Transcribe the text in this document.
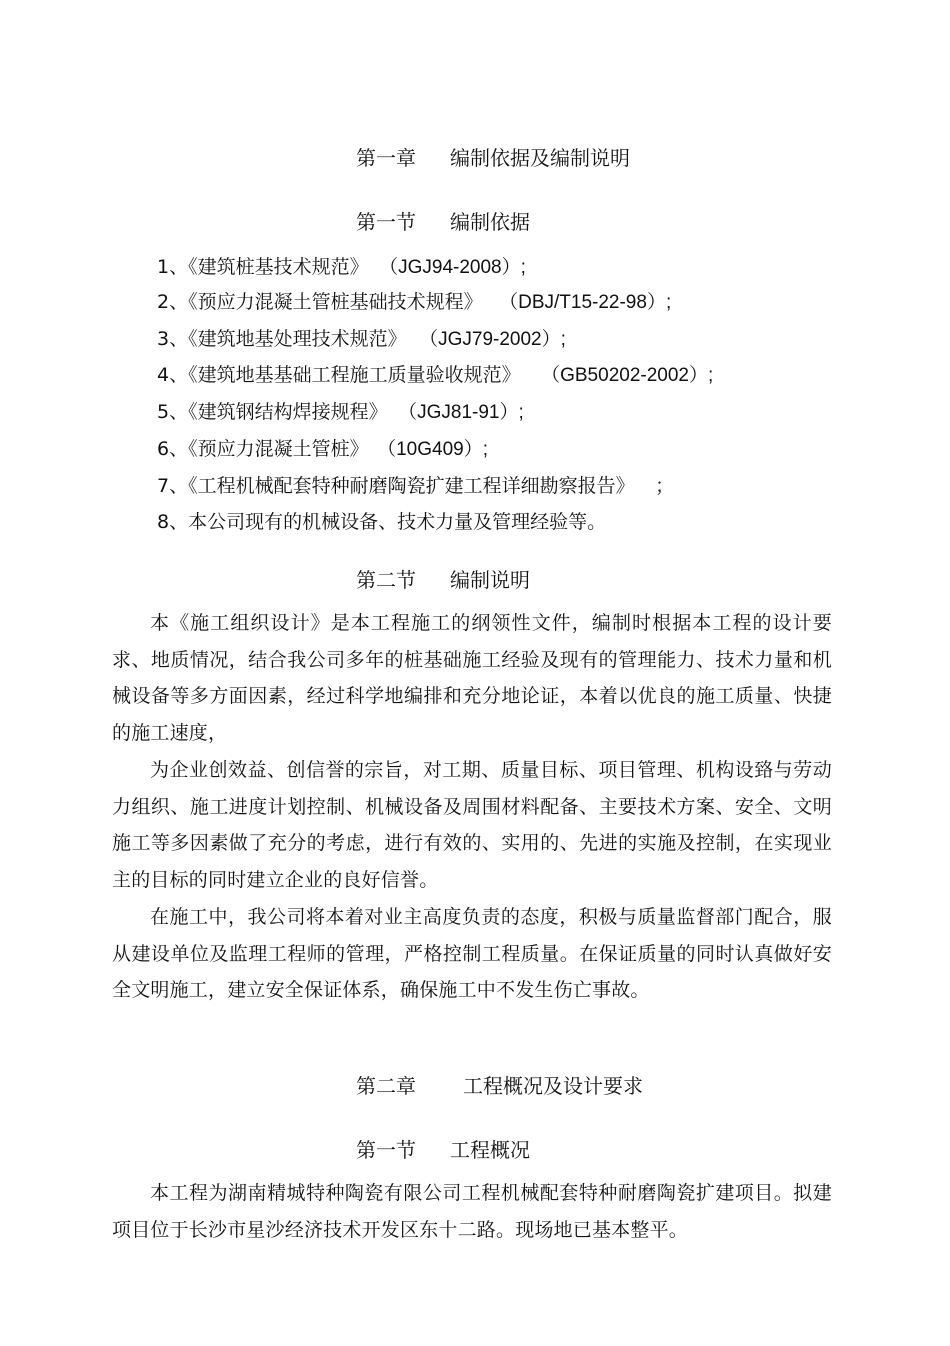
第一章 编制依据及编制说明
第一节 编制依据
1、《建筑桩基技术规范》 （JGJ94-2008）;
2、《预应力混凝土管桩基础技术规程》 （DBJ/T15-22-98）;
3、《建筑地基处理技术规范》 （JGJ79-2002）;
4、《建筑地基基础工程施工质量验收规范》 （GB50202-2002）;
5、《建筑钢结构焊接规程》 （JGJ81-91）;
6、《预应力混凝土管桩》 （10G409）;
7、《工程机械配套特种耐磨陶瓷扩建工程详细勘察报告》 ；
8、本公司现有的机械设备、技术力量及管理经验等。
第二节 编制说明

本《施工组织设计》是本工程施工的纲领性文件，编制时根据本工程的设计要求、地质情况，结合我公司多年的桩基础施工经验及现有的管理能力、技术力量和机械设备等多方面因素，经过科学地编排和充分地论证，本着以优良的施工质量、快捷的施工速度，

为企业创效益、创信誉的宗旨，对工期、质量目标、项目管理、机构设臵与劳动力组织、施工进度计划控制、机械设备及周围材料配备、主要技术方案、安全、文明施工等多因素做了充分的考虑，进行有效的、实用的、先进的实施及控制，在实现业主的目标的同时建立企业的良好信誉。

在施工中，我公司将本着对业主高度负责的态度，积极与质量监督部门配合，服从建设单位及监理工程师的管理，严格控制工程质量。在保证质量的同时认真做好安全文明施工，建立安全保证体系，确保施工中不发生伤亡事故。

第二章 工程概况及设计要求
第一节 工程概况

本工程为湖南精城特种陶瓷有限公司工程机械配套特种耐磨陶瓷扩建项目。拟建项目位于长沙市星沙经济技术开发区东十二路。现场地已基本整平。
